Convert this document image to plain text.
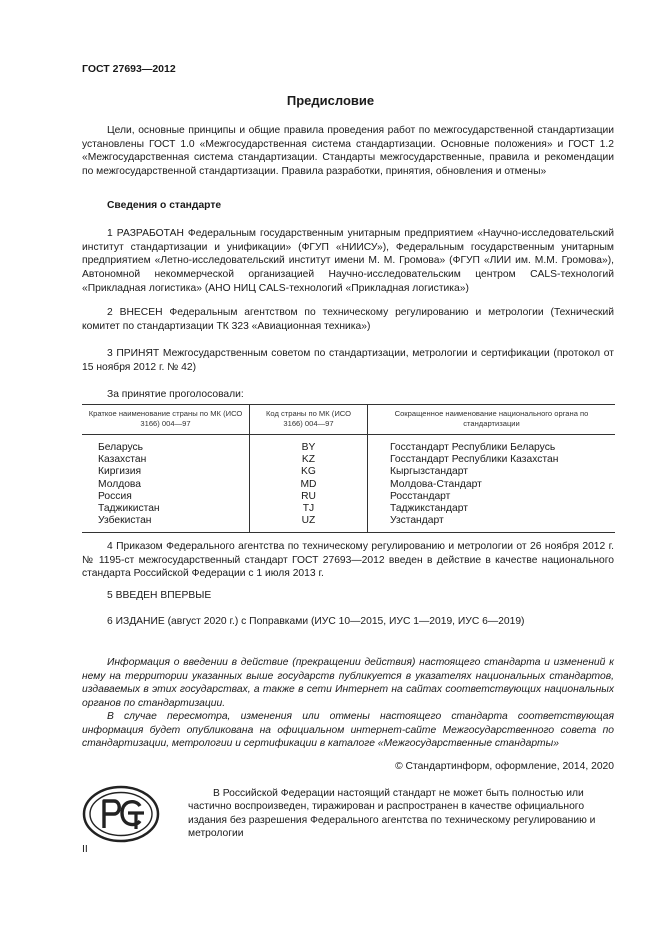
ГОСТ 27693—2012
Предисловие

Цели, основные принципы и общие правила проведения работ по межгосударственной стандартизации установлены ГОСТ 1.0 «Межгосударственная система стандартизации. Основные положения» и ГОСТ 1.2 «Межгосударственная система стандартизации. Стандарты межгосударственные, правила и рекомендации по межгосударственной стандартизации. Правила разработки, принятия, обновления и отмены»

Сведения о стандарте

1 РАЗРАБОТАН Федеральным государственным унитарным предприятием «Научно-исследовательский институт стандартизации и унификации» (ФГУП «НИИСУ»), Федеральным государственным унитарным предприятием «Летно-исследовательский институт имени М. М. Громова» (ФГУП «ЛИИ им. М.М. Громова»), Автономной некоммерческой организацией Научно-исследовательским центром CALS-технологий «Прикладная логистика» (АНО НИЦ CALS-технологий «Прикладная логистика»)

2 ВНЕСЕН Федеральным агентством по техническому регулированию и метрологии (Технический комитет по стандартизации ТК 323 «Авиационная техника»)

3 ПРИНЯТ Межгосударственным советом по стандартизации, метрологии и сертификации (протокол от 15 ноября 2012 г. № 42)

За принятие проголосовали:

Краткое наименование страны по МК (ИСО 3166) 004—97	Код страны по МК (ИСО 3166) 004—97	Сокращенное наименование национального органа по стандартизации
Беларусь	BY	Госстандарт Республики Беларусь
Казахстан	KZ	Госстандарт Республики Казахстан
Киргизия	KG	Кыргызстандарт
Молдова	MD	Молдова-Стандарт
Россия	RU	Росстандарт
Таджикистан	TJ	Таджикстандарт
Узбекистан	UZ	Узстандарт

4 Приказом Федерального агентства по техническому регулированию и метрологии от 26 ноября 2012 г. № 1195-ст межгосударственный стандарт ГОСТ 27693—2012 введен в действие в качестве национального стандарта Российской Федерации с 1 июля 2013 г.

5 ВВЕДЕН ВПЕРВЫЕ

6 ИЗДАНИЕ (август 2020 г.) с Поправками (ИУС 10—2015, ИУС 1—2019, ИУС 6—2019)

Информация о введении в действие (прекращении действия) настоящего стандарта и изменений к нему на территории указанных выше государств публикуется в указателях национальных стандартов, издаваемых в этих государствах, а также в сети Интернет на сайтах соответствующих национальных органов по стандартизации.

В случае пересмотра, изменения или отмены настоящего стандарта соответствующая информация будет опубликована на официальном интернет-сайте Межгосударственного совета по стандартизации, метрологии и сертификации в каталоге «Межгосударственные стандарты»

© Стандартинформ, оформление, 2014, 2020

В Российской Федерации настоящий стандарт не может быть полностью или частично воспроизведен, тиражирован и распространен в качестве официального издания без разрешения Федерального агентства по техническому регулированию и метрологии

II
